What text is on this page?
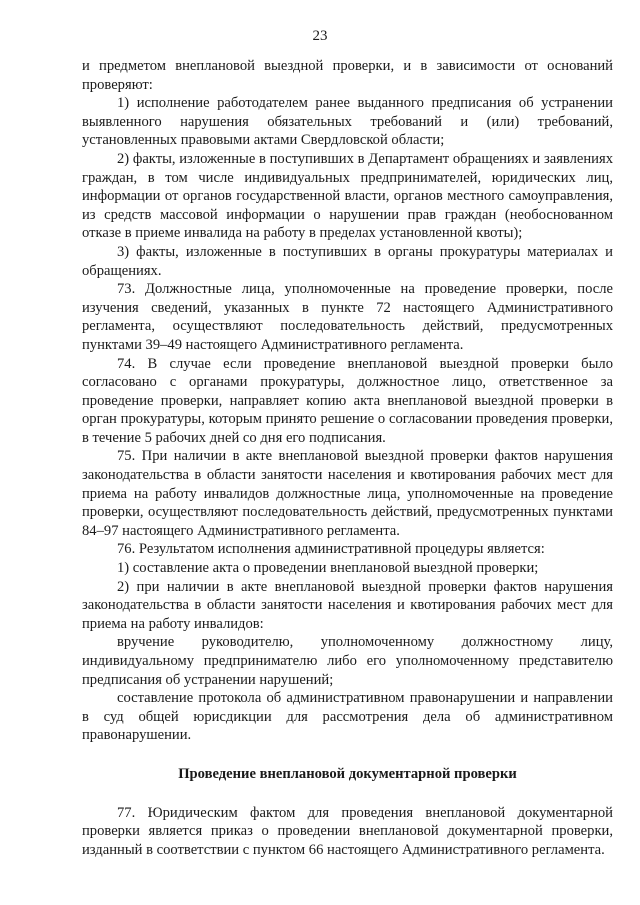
23

и предметом внеплановой выездной проверки, и в зависимости от оснований проверяют:

1) исполнение работодателем ранее выданного предписания об устранении выявленного нарушения обязательных требований и (или) требований, установленных правовыми актами Свердловской области;

2) факты, изложенные в поступивших в Департамент обращениях и заявлениях граждан, в том числе индивидуальных предпринимателей, юридических лиц, информации от органов государственной власти, органов местного самоуправления, из средств массовой информации о нарушении прав граждан (необоснованном отказе в приеме инвалида на работу в пределах установленной квоты);

3) факты, изложенные в поступивших в органы прокуратуры материалах и обращениях.

73. Должностные лица, уполномоченные на проведение проверки, после изучения сведений, указанных в пункте 72 настоящего Административного регламента, осуществляют последовательность действий, предусмотренных пунктами 39–49 настоящего Административного регламента.

74. В случае если проведение внеплановой выездной проверки было согласовано с органами прокуратуры, должностное лицо, ответственное за проведение проверки, направляет копию акта внеплановой выездной проверки в орган прокуратуры, которым принято решение о согласовании проведения проверки, в течение 5 рабочих дней со дня его подписания.

75. При наличии в акте внеплановой выездной проверки фактов нарушения законодательства в области занятости населения и квотирования рабочих мест для приема на работу инвалидов должностные лица, уполномоченные на проведение проверки, осуществляют последовательность действий, предусмотренных пунктами 84–97 настоящего Административного регламента.

76. Результатом исполнения административной процедуры является:

1) составление акта о проведении внеплановой выездной проверки;

2) при наличии в акте внеплановой выездной проверки фактов нарушения законодательства в области занятости населения и квотирования рабочих мест для приема на работу инвалидов:

вручение руководителю, уполномоченному должностному лицу, индивидуальному предпринимателю либо его уполномоченному представителю предписания об устранении нарушений;

составление протокола об административном правонарушении и направлении в суд общей юрисдикции для рассмотрения дела об административном правонарушении.

Проведение внеплановой документарной проверки

77. Юридическим фактом для проведения внеплановой документарной проверки является приказ о проведении внеплановой документарной проверки, изданный в соответствии с пунктом 66 настоящего Административного регламента.
